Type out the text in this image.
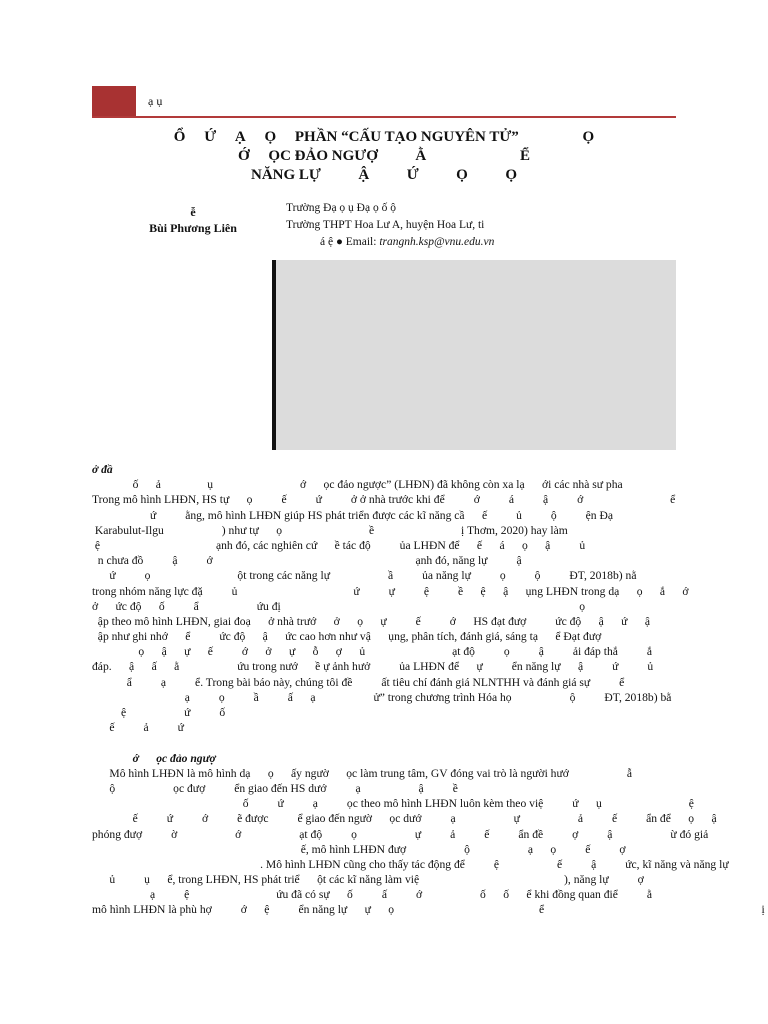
ạ ụ
Ổ     Ứ     Ạ     Ọ     PHẦN “CẤU TẠO NGUYÊN TỬ”                 Ọ
Ớ     ỌC ĐẢO NGƯỢ          Ằ                         Ể
NĂNG LỰ          Ậ          Ứ          Ọ          Ọ
ễ
Bùi Phương Liên
Trường Đạ ọ ụ Đạ ọ ố ộ
Trường THPT Hoa Lư A, huyện Hoa Lư, ti
á ệ ● Email: trangnh.ksp@vnu.edu.vn
ở đầ
ố      ả                ụ                              ớ      ọc đảo ngược” (LHĐN) đã không còn xa lạ      ới các nhà sư pha
Trong mô hình LHĐN, HS tự      ọ          ế          ứ          ở ở nhà trước khi để          ớ          á          ậ          ớ                              ể
ứ          ằng, mô hình LHĐN giúp HS phát triển được các kĩ năng cầ      ế          ủ          ộ          ện Đạ
Karabulut-Ilgu                    ) như tự      ọ                              ề                              ị Thơm, 2020) hay làm
ệ                                        ạnh đó, các nghiên cứ      ề tác độ          ủa LHĐN để      ế      á      ọ      ậ          ủ
n chưa đồ          ậ          ớ                                                                      ạnh đó, năng lự          ậ
ứ          ọ                              ột trong các năng lự                    ầ          ủa năng lự          ọ          ộ          ĐT, 2018b) nằ
trong nhóm năng lực đặ          ủ                                        ứ          ự          ệ          ề      ệ      ậ      ụng LHĐN trong dạ      ọ      ắ      ớ
ở      ức độ      ố          ẩ                    ứu đị                                                                                                       ọ
ập theo mô hình LHĐN, giai đoạ      ở nhà trướ      ở      ọ      ự          ế          ớ      HS đạt đượ          ức độ      ậ      ứ      ậ
ập như ghi nhớ      ể          ức độ      ậ      ức cao hơn như vậ      ụng, phân tích, đánh giá, sáng tạ      ể Đạt đượ
ọ      ậ      ự      ế          ớ      ở      ự      ỗ      ợ      ủ                              ạt độ          ọ          ậ          ải đáp thắ          ắ
đáp.      ậ      ấ      ằ                    ứu trong nướ      ề ự ảnh hưở          ủa LHĐN để      ự          ển năng lự      ậ          ứ          ủ
ẩ          ạ          ể. Trong bài báo này, chúng tôi đề          ất tiêu chí đánh giá NLNTHH và đánh giá sự          ể
ạ          ọ          ầ          ấ      ạ                    ử” trong chương trình Hóa họ                    ộ          ĐT, 2018b) bằ
ệ                    ứ          ố
ế          ả          ứ
ớ      ọc đảo ngượ
Mô hình LHĐN là mô hình dạ      ọ      ấy ngườ      ọc làm trung tâm, GV đóng vai trò là người hướ                    ẫ
ộ                    ọc đượ          ển giao đến HS dướ          ạ                    ậ          ề
ố          ứ          ạ          ọc theo mô hình LHĐN luôn kèm theo việ          ứ      ụ                              ệ
ế          ứ          ớ          ẽ được          ể giao đến ngườ      ọc dướ          ạ                    ự                    ả          ế          ẩn để      ọ      ậ
phóng đượ          ờ                    ớ                    ạt độ          ọ                    ự          ả          ế          ẩn đề          ợ          ậ                    ừ đó giả
ế, mô hình LHĐN đượ                    ộ                    ạ      ọ          ế          ợ
. Mô hình LHĐN cũng cho thấy tác động để          ệ                    ế          ậ          ức, kĩ năng và năng lự
ủ          ụ      ể, trong LHĐN, HS phát triể      ột các kĩ năng làm việ                                                  ), năng lự          ợ
ạ          ệ                              ứu đã có sự      ố          ấ          ớ                    ố      ố      ể khi đồng quan điể          ằ
mô hình LHĐN là phù hợ          ớ      ệ          ển năng lự      ự      ọ                                                  ể                                                                           ị
